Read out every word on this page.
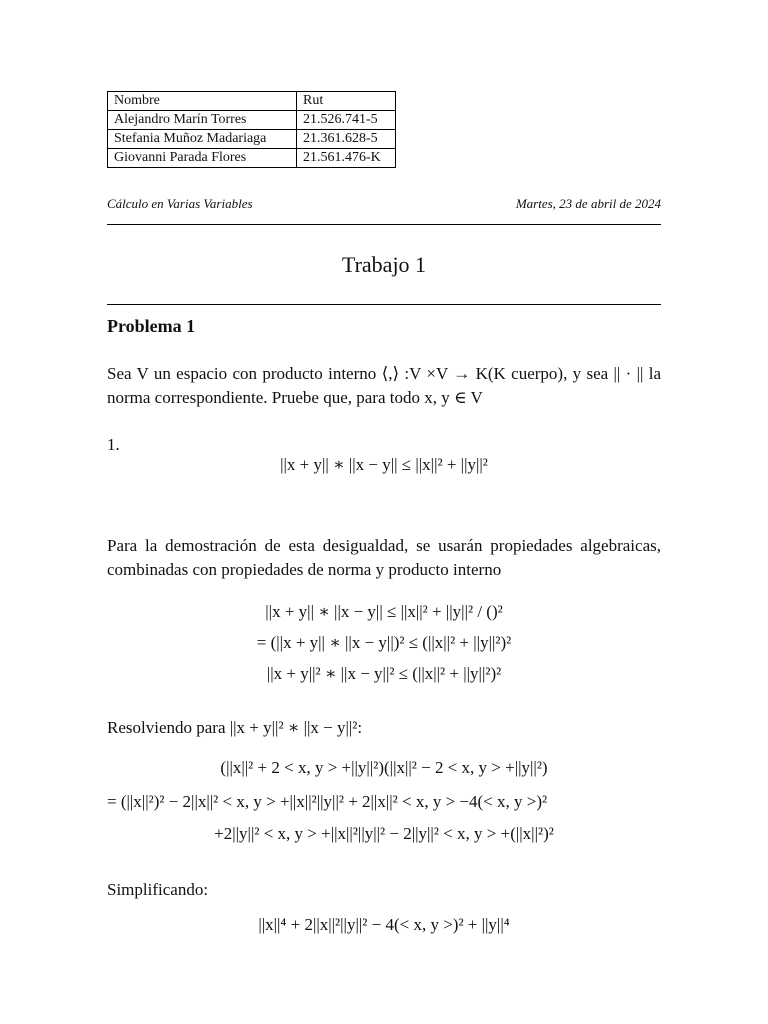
Nombre	Rut
Alejandro Marín Torres	21.526.741-5
Stefania Muñoz Madariaga	21.361.628-5
Giovanni Parada Flores	21.561.476-K
Cálculo en Varias Variables	Martes, 23 de abril de 2024
Trabajo 1
Problema 1
Sea V un espacio con producto interno ⟨,⟩ :V ×V → K(K cuerpo), y sea || · || la norma correspondiente. Pruebe que, para todo x, y ∈ V
1.
||x + y|| ∗ ||x − y|| ≤ ||x||² + ||y||²
Para la demostración de esta desigualdad, se usarán propiedades algebraicas, combinadas con propiedades de norma y producto interno
||x + y|| ∗ ||x − y|| ≤ ||x||² + ||y||² / ()²
= (||x + y|| ∗ ||x − y||)² ≤ (||x||² + ||y||²)²
||x + y||² ∗ ||x − y||² ≤ (||x||² + ||y||²)²
Resolviendo para ||x + y||² ∗ ||x − y||²:
(||x||² + 2 < x, y > +||y||²)(||x||² − 2 < x, y > +||y||²)
= (||x||²)² − 2||x||² < x, y > +||x||²||y||² + 2||x||² < x, y > −4(< x, y >)²
+2||y||² < x, y > +||x||²||y||² − 2||y||² < x, y > +(||x||²)²
Simplificando:
||x||⁴ + 2||x||²||y||² − 4(< x, y >)² + ||y||⁴
